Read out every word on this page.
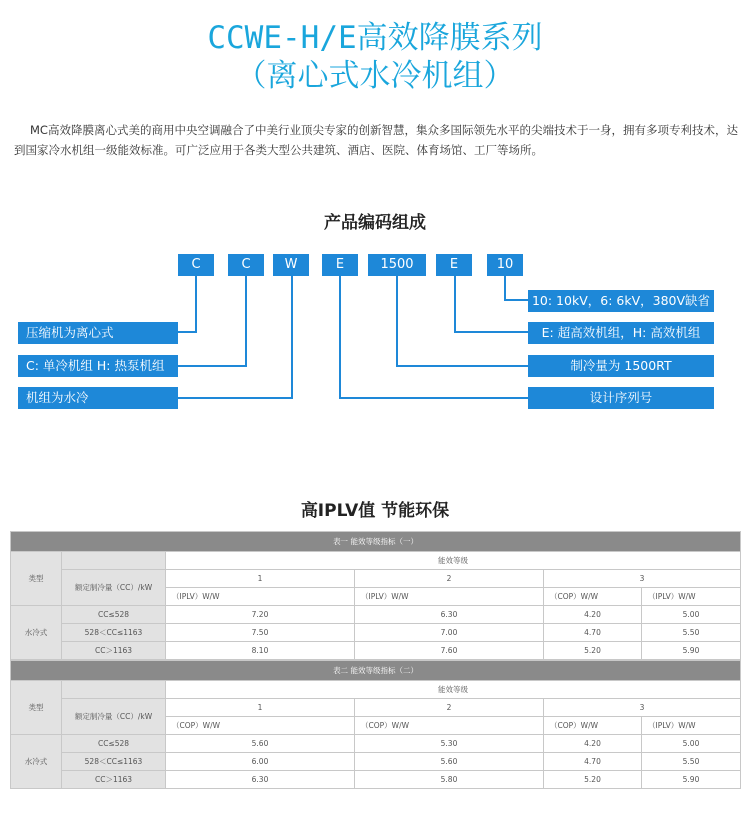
CCWE-H/E高效降膜系列
（离心式水冷机组）
MC高效降膜离心式美的商用中央空调融合了中美行业顶尖专家的创新智慧，集众多国际领先水平的尖端技术于一身，拥有多项专利技术，达到国家冷水机组一级能效标准。可广泛应用于各类大型公共建筑、酒店、医院、体育场馆、工厂等场所。
产品编码组成
C	C	W	E	1500	E	10
压缩机为离心式
C: 单冷机组 H: 热泵机组
机组为水冷
10: 10kV，6: 6kV，380V缺省
E: 超高效机组，H: 高效机组
制冷量为 1500RT
设计序列号
高IPLV值 节能环保
表一 能效等级指标（一）					
类型		能效等级			
	额定制冷量（CC）/kW	1	2	3	
		（IPLV）W/W	（IPLV）W/W	（COP）W/W	（IPLV）W/W
水冷式	CC≤528	7.20	6.30	4.20	5.00
	528＜CC≤1163	7.50	7.00	4.70	5.50
	CC＞1163	8.10	7.60	5.20	5.90
表二 能效等级指标（二）					
类型		能效等级			
	额定制冷量（CC）/kW	1	2	3	
		（COP）W/W	（COP）W/W	（COP）W/W	（IPLV）W/W
水冷式	CC≤528	5.60	5.30	4.20	5.00
	528＜CC≤1163	6.00	5.60	4.70	5.50
	CC＞1163	6.30	5.80	5.20	5.90
